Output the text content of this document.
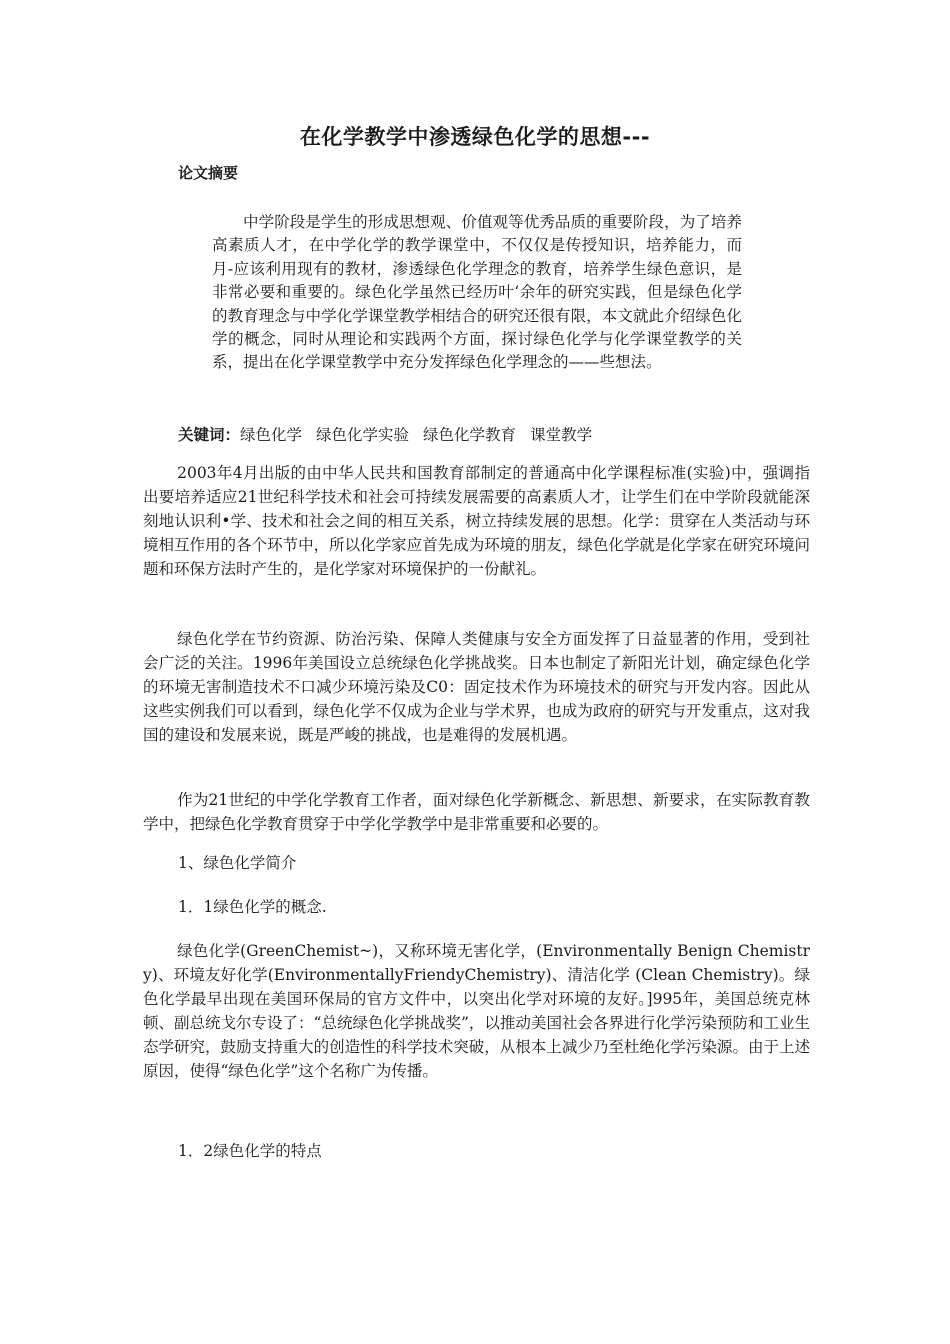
在化学教学中渗透绿色化学的思想---
论文摘要

中学阶段是学生的形成思想观、价值观等优秀品质的重要阶段，为了培养高素质人才，在中学化学的教学课堂中，不仅仅是传授知识，培养能力，而月-应该利用现有的教材，渗透绿色化学理念的教育，培养学生绿色意识，是非常必要和重要的。绿色化学虽然已经历叶‘余年的研究实践，但是绿色化学的教育理念与中学化学课堂教学相结合的研究还很有限，本文就此介绍绿色化学的概念，同时从理论和实践两个方面，探讨绿色化学与化学课堂教学的关系，提出在化学课堂教学中充分发挥绿色化学理念的——些想法。

关键词：绿色化学 绿色化学实验 绿色化学教育 课堂教学

2003年4月出版的由中华人民共和国教育部制定的普通高中化学课程标准(实验)中，强调指出要培养适应21世纪科学技术和社会可持续发展需要的高素质人才，让学生们在中学阶段就能深刻地认识利•学、技术和社会之间的相互关系，树立持续发展的思想。化学：贯穿在人类活动与环境相互作用的各个环节中，所以化学家应首先成为环境的朋友，绿色化学就是化学家在研究环境问题和环保方法时产生的，是化学家对环境保护的一份献礼。

绿色化学在节约资源、防治污染、保障人类健康与安全方面发挥了日益显著的作用，受到社会广泛的关注。1996年美国设立总统绿色化学挑战奖。日本也制定了新阳光计划，确定绿色化学的环境无害制造技术不口减少环境污染及C0：固定技术作为环境技术的研究与开发内容。因此从这些实例我们可以看到，绿色化学不仅成为企业与学术界，也成为政府的研究与开发重点，这对我国的建设和发展来说，既是严峻的挑战，也是难得的发展机遇。

作为21世纪的中学化学教育工作者，面对绿色化学新概念、新思想、新要求，在实际教育教学中，把绿色化学教育贯穿于中学化学教学中是非常重要和必要的。

1、绿色化学简介
1．1绿色化学的概念.

绿色化学(GreenChemist~)，又称环境无害化学，(Environmentally Benign Chemistry)、环境友好化学(EnvironmentallyFriendyChemistry)、清洁化学 (Clean Chemistry)。绿色化学最早出现在美国环保局的官方文件中，以突出化学对环境的友好。]995年，美国总统克林顿、副总统戈尔专设了：“总统绿色化学挑战奖”，以推动美国社会各界进行化学污染预防和工业生态学研究，鼓励支持重大的创造性的科学技术突破，从根本上减少乃至杜绝化学污染源。由于上述原因，使得“绿色化学”这个名称广为传播。

1．2绿色化学的特点
